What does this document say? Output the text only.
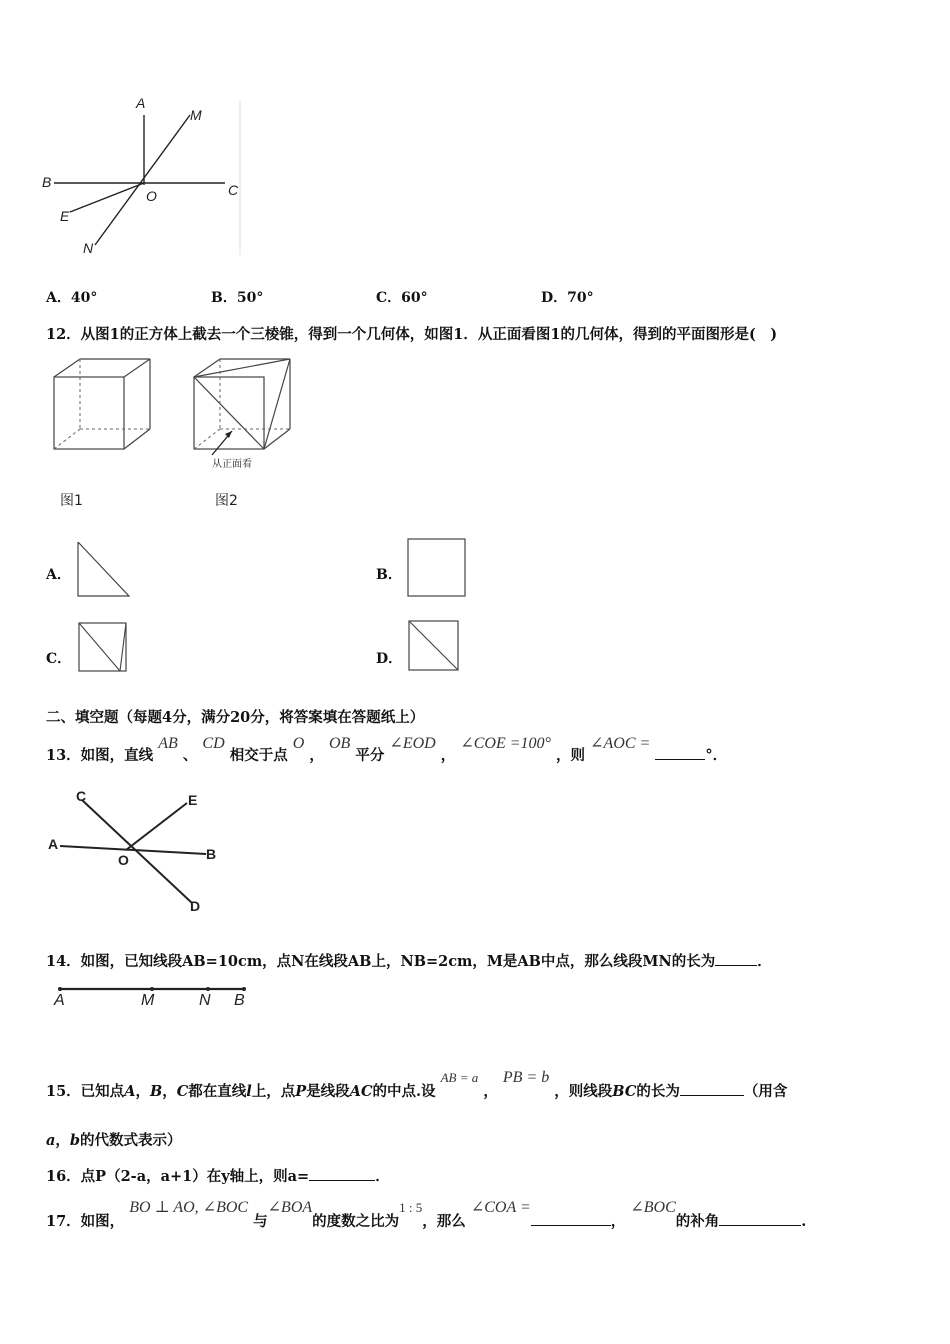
A
M
B	C
O
E
N
A．40°	B．50°	C．60°	D．70°
12．从图1的正方体上截去一个三棱锥，得到一个几何体，如图1．从正面看图1的几何体，得到的平面图形是(　)
从正面看
图1	图2
A．	B．
C．	D．
二、填空题（每题4分，满分20分，将答案填在答题纸上）
13．如图，直线 AB 、 CD 相交于点 O ， OB 平分 ∠EOD ， ∠COE =100° ，则 ∠AOC = °．
C	E
A
O	B
D
14．如图，已知线段AB=10cm，点N在线段AB上，NB=2cm，M是AB中点，那么线段MN的长为	．
A	M	N B
15．已知点A，B，C都在直线l上，点P是线段AC的中点.设 AB = a ， PB = b ，则线段BC的长为	（用含
a，b的代数式表示）
16．点P（2-a，a+1）在y轴上，则a=	．
17．如图， BO ⊥ AO, ∠BOC 与∠BOA的度数之比为1 : 5，那么 ∠COA =， ∠BOC的补角	.
